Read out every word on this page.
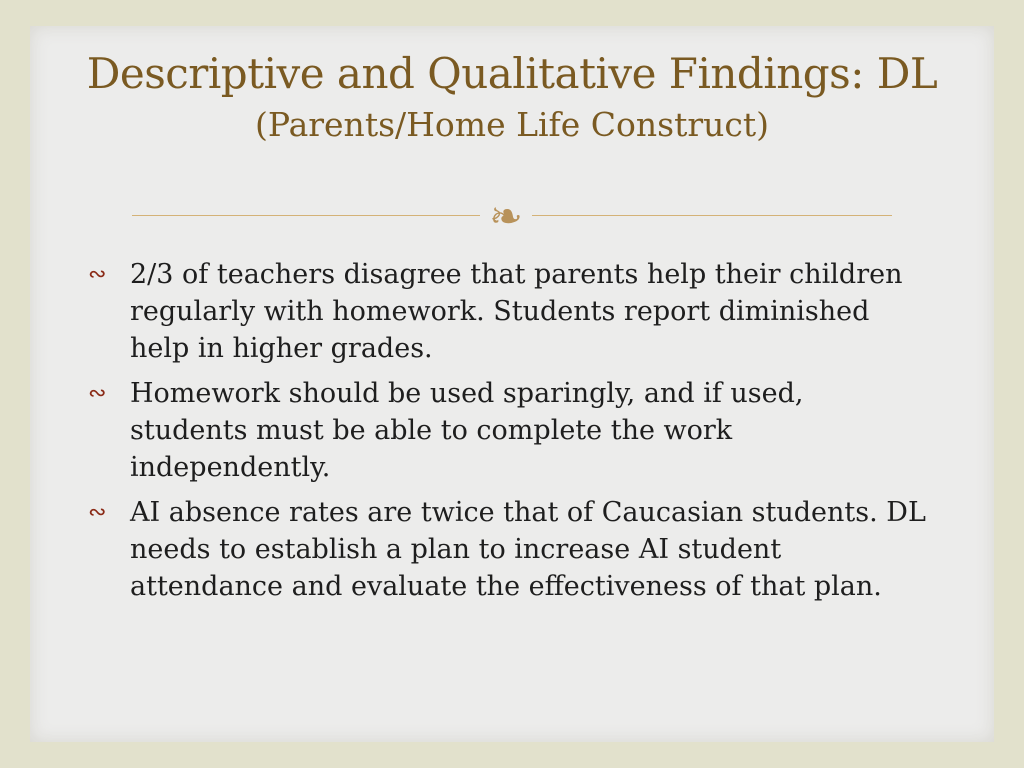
Descriptive and Qualitative Findings: DL
(Parents/Home Life Construct)
❧
∾ 2/3 of teachers disagree that parents help their children regularly with homework. Students report diminished help in higher grades.
∾ Homework should be used sparingly, and if used, students must be able to complete the work independently.
∾ AI absence rates are twice that of Caucasian students. DL needs to establish a plan to increase AI student attendance and evaluate the effectiveness of that plan.
